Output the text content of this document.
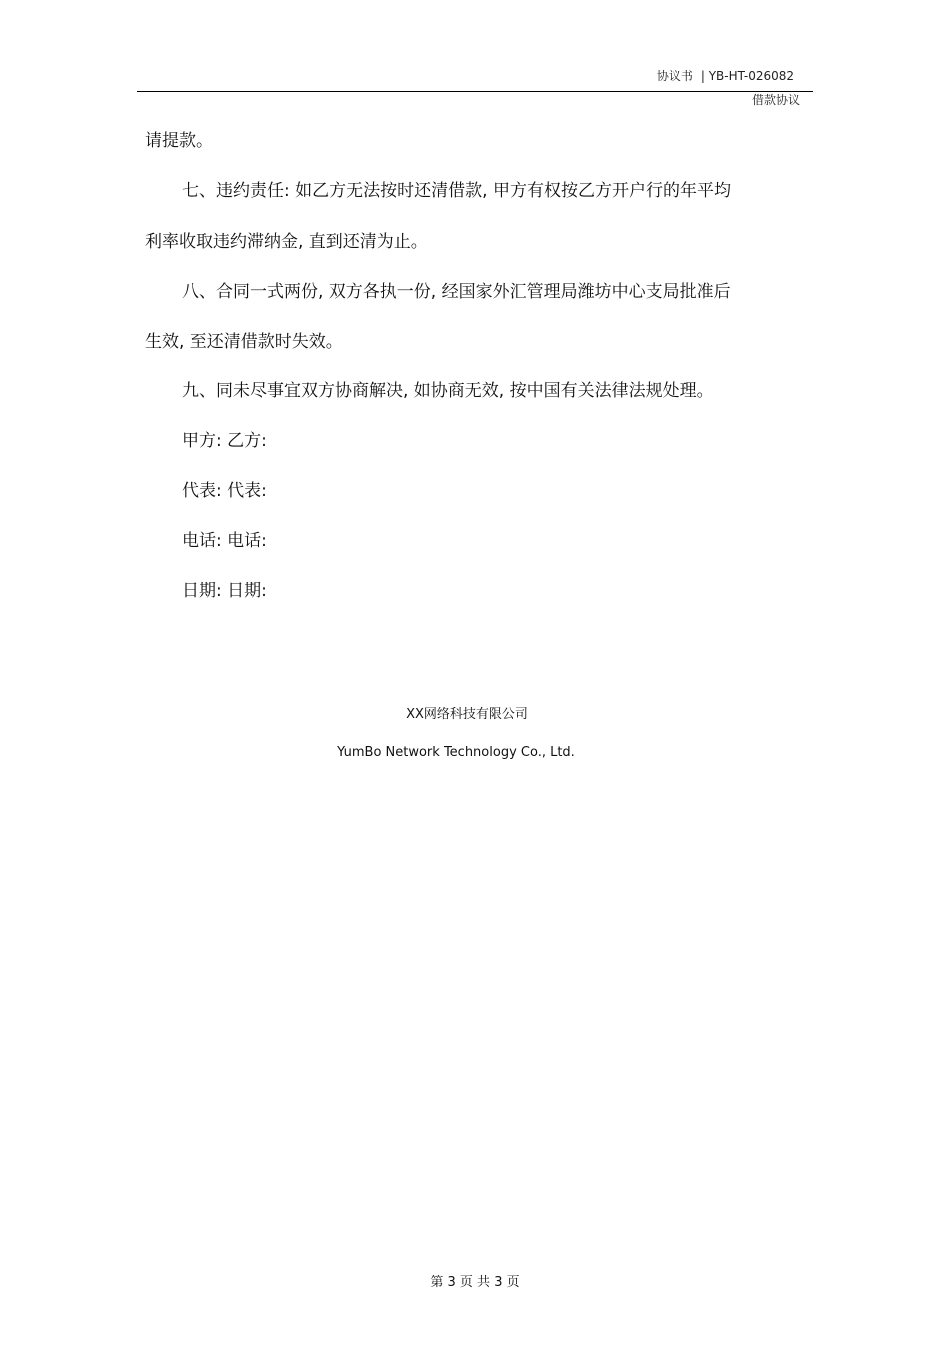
协议书 | YB-HT-026082
借款协议
请提款。
七、违约责任: 如乙方无法按时还清借款, 甲方有权按乙方开户行的年平均
利率收取违约滞纳金, 直到还清为止。
八、合同一式两份, 双方各执一份, 经国家外汇管理局潍坊中心支局批准后
生效, 至还清借款时失效。
九、同未尽事宜双方协商解决, 如协商无效, 按中国有关法律法规处理。
甲方: 乙方:
代表: 代表:
电话: 电话:
日期: 日期:
XX网络科技有限公司
YumBo Network Technology Co., Ltd.
第 3 页 共 3 页
